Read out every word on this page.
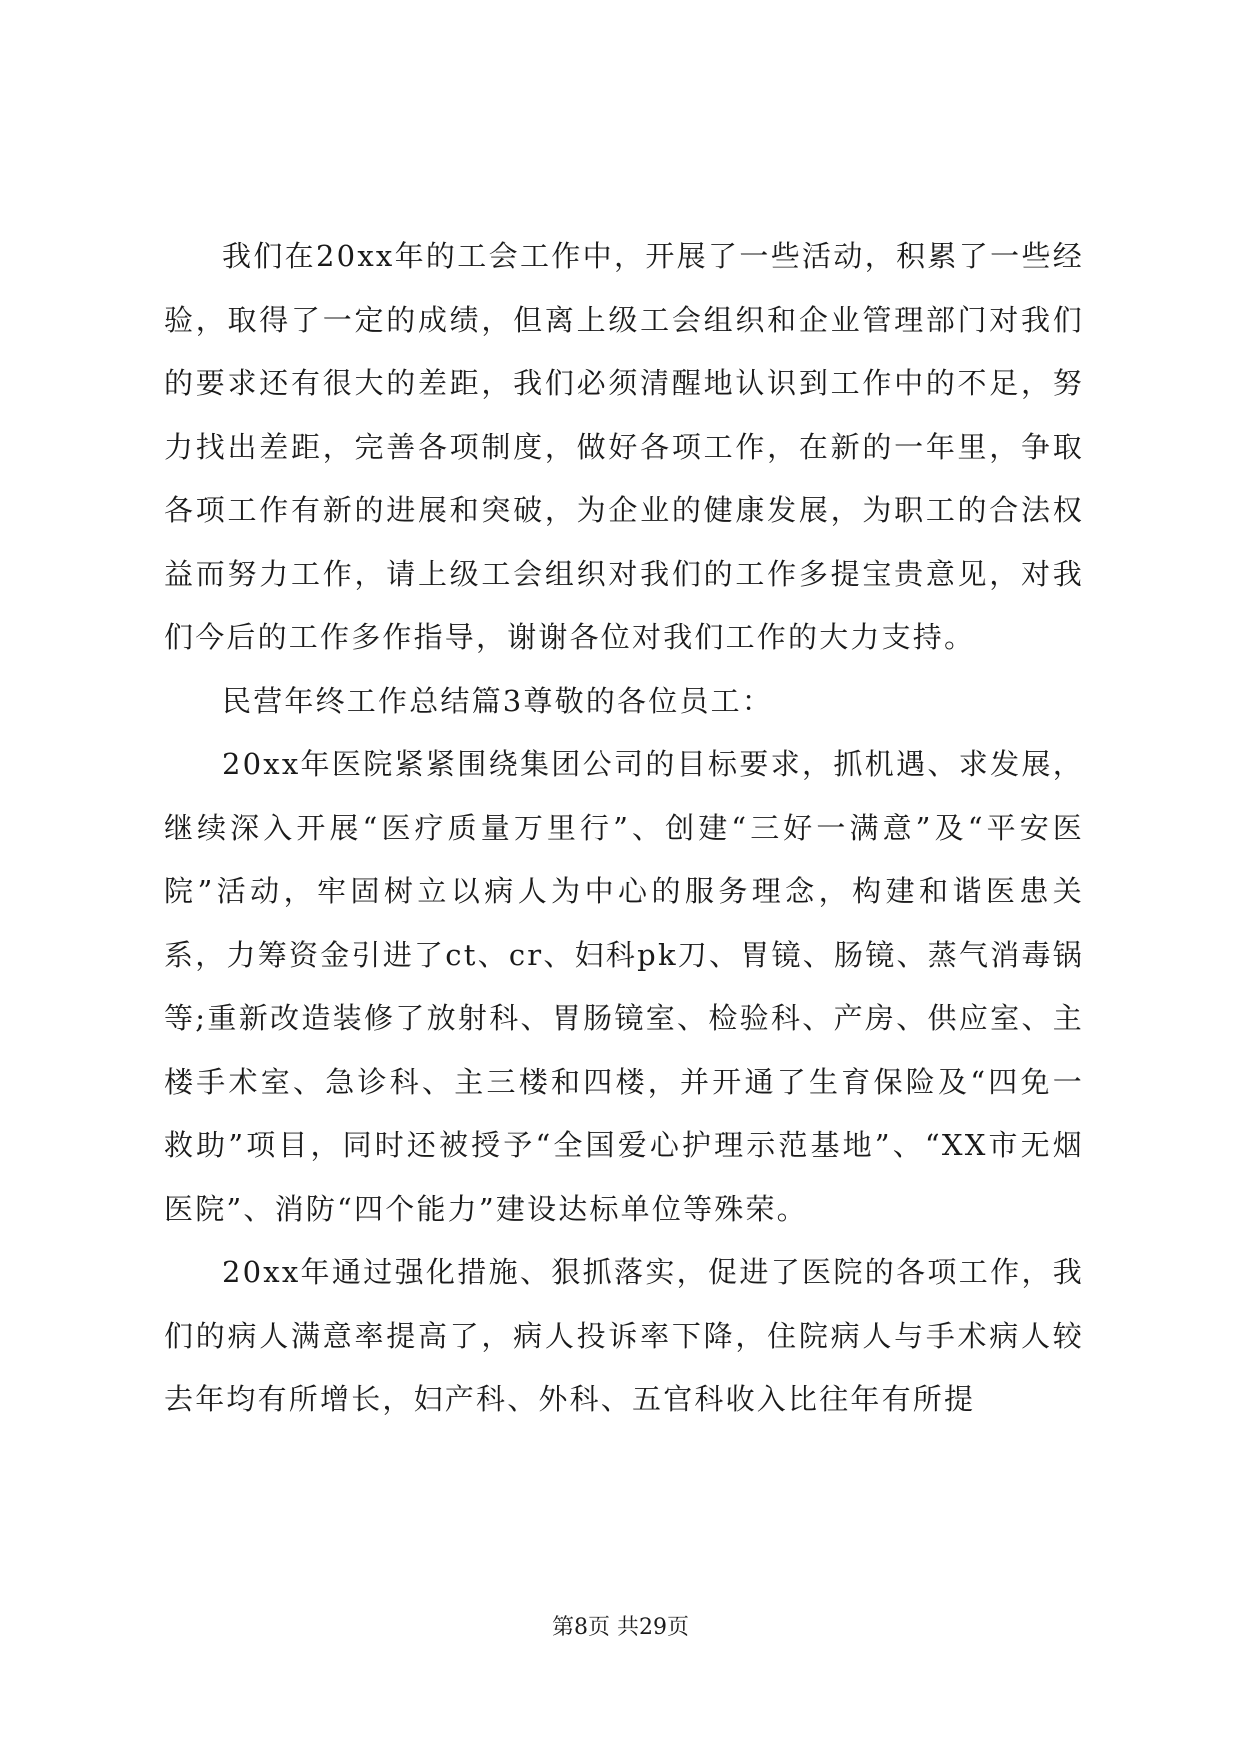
我们在20xx年的工会工作中，开展了一些活动，积累了一些经验，取得了一定的成绩，但离上级工会组织和企业管理部门对我们的要求还有很大的差距，我们必须清醒地认识到工作中的不足，努力找出差距，完善各项制度，做好各项工作，在新的一年里，争取各项工作有新的进展和突破，为企业的健康发展，为职工的合法权益而努力工作，请上级工会组织对我们的工作多提宝贵意见，对我们今后的工作多作指导，谢谢各位对我们工作的大力支持。

民营年终工作总结篇3尊敬的各位员工：

20xx年医院紧紧围绕集团公司的目标要求，抓机遇、求发展，继续深入开展“医疗质量万里行”、创建“三好一满意”及“平安医院”活动，牢固树立以病人为中心的服务理念，构建和谐医患关系，力筹资金引进了ct、cr、妇科pk刀、胃镜、肠镜、蒸气消毒锅等;重新改造装修了放射科、胃肠镜室、检验科、产房、供应室、主楼手术室、急诊科、主三楼和四楼，并开通了生育保险及“四免一救助”项目，同时还被授予“全国爱心护理示范基地”、“XX市无烟医院”、消防“四个能力”建设达标单位等殊荣。

20xx年通过强化措施、狠抓落实，促进了医院的各项工作，我们的病人满意率提高了，病人投诉率下降，住院病人与手术病人较去年均有所增长，妇产科、外科、五官科收入比往年有所提

第8页 共29页
